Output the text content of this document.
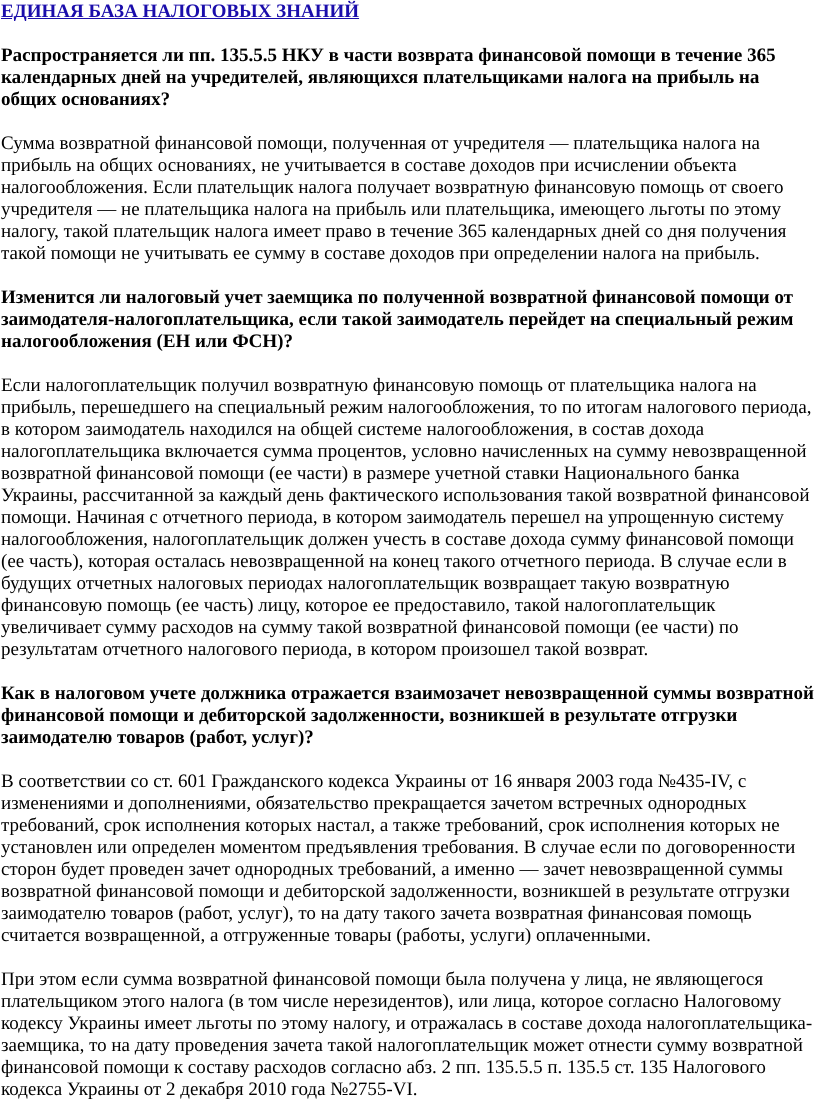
ЕДИНАЯ БАЗА НАЛОГОВЫХ ЗНАНИЙ

Распространяется ли пп. 135.5.5 НКУ в части возврата финансовой помощи в течение 365 календарных дней на учредителей, являющихся плательщиками налога на прибыль на общих основаниях?

Сумма возвратной финансовой помощи, полученная от учредителя — плательщика налога на прибыль на общих основаниях, не учитывается в составе доходов при исчислении объекта налогообложения. Если плательщик налога получает возвратную финансовую помощь от своего учредителя — не плательщика налога на прибыль или плательщика, имеющего льготы по этому налогу, такой плательщик налога имеет право в течение 365 календарных дней со дня получения такой помощи не учитывать ее сумму в составе доходов при определении налога на прибыль.

Изменится ли налоговый учет заемщика по полученной возвратной финансовой помощи от заимодателя-налогоплательщика, если такой заимодатель перейдет на специальный режим налогообложения (ЕН или ФСН)?

Если налогоплательщик получил возвратную финансовую помощь от плательщика налога на прибыль, перешедшего на специальный режим налогообложения, то по итогам налогового периода, в котором заимодатель находился на общей системе налогообложения, в состав дохода налогоплательщика включается сумма процентов, условно начисленных на сумму невозвращенной возвратной финансовой помощи (ее части) в размере учетной ставки Национального банка Украины, рассчитанной за каждый день фактического использования такой возвратной финансовой помощи. Начиная с отчетного периода, в котором заимодатель перешел на упрощенную систему налогообложения, налогоплательщик должен учесть в составе дохода сумму финансовой помощи (ее часть), которая осталась невозвращенной на конец такого отчетного периода. В случае если в будущих отчетных налоговых периодах налогоплательщик возвращает такую возвратную финансовую помощь (ее часть) лицу, которое ее предоставило, такой налогоплательщик увеличивает сумму расходов на сумму такой возвратной финансовой помощи (ее части) по результатам отчетного налогового периода, в котором произошел такой возврат.

Как в налоговом учете должника отражается взаимозачет невозвращенной суммы возвратной финансовой помощи и дебиторской задолженности, возникшей в результате отгрузки заимодателю товаров (работ, услуг)?

В соответствии со ст. 601 Гражданского кодекса Украины от 16 января 2003 года №435-IV, с изменениями и дополнениями, обязательство прекращается зачетом встречных однородных требований, срок исполнения которых настал, а также требований, срок исполнения которых не установлен или определен моментом предъявления требования. В случае если по договоренности сторон будет проведен зачет однородных требований, а именно — зачет невозвращенной суммы возвратной финансовой помощи и дебиторской задолженности, возникшей в результате отгрузки заимодателю товаров (работ, услуг), то на дату такого зачета возвратная финансовая помощь считается возвращенной, а отгруженные товары (работы, услуги) оплаченными.

При этом если сумма возвратной финансовой помощи была получена у лица, не являющегося плательщиком этого налога (в том числе нерезидентов), или лица, которое согласно Налоговому кодексу Украины имеет льготы по этому налогу, и отражалась в составе дохода налогоплательщика-заемщика, то на дату проведения зачета такой налогоплательщик может отнести сумму возвратной финансовой помощи к составу расходов согласно абз. 2 пп. 135.5.5 п. 135.5 ст. 135 Налогового кодекса Украины от 2 декабря 2010 года №2755-VI.
